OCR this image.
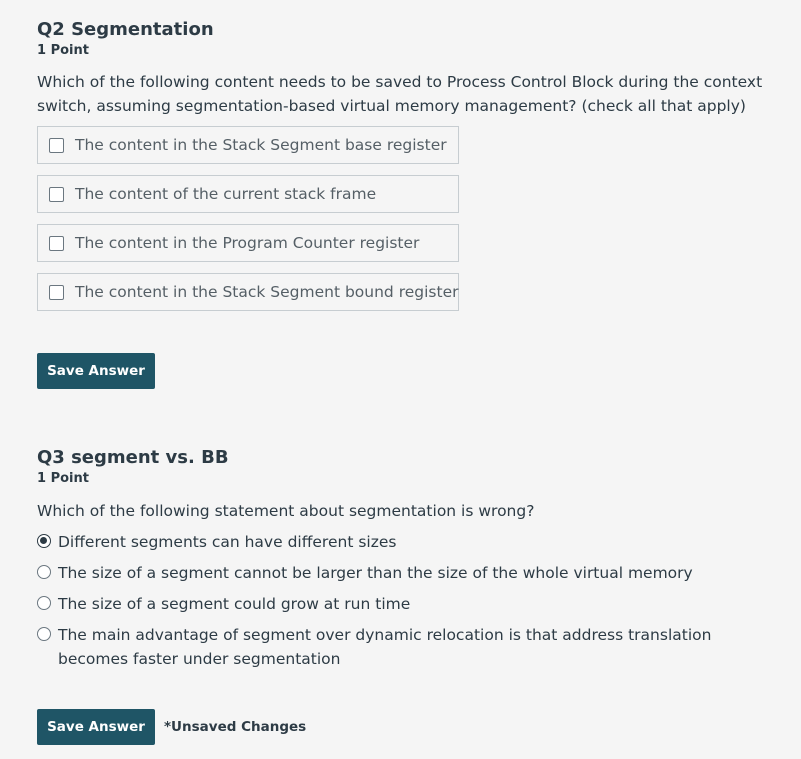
Q2 Segmentation
1 Point
Which of the following content needs to be saved to Process Control Block during the context switch, assuming segmentation-based virtual memory management? (check all that apply)
The content in the Stack Segment base register
The content of the current stack frame
The content in the Program Counter register
The content in the Stack Segment bound register
Save Answer
Q3 segment vs. BB
1 Point
Which of the following statement about segmentation is wrong?
Different segments can have different sizes
The size of a segment cannot be larger than the size of the whole virtual memory
The size of a segment could grow at run time
The main advantage of segment over dynamic relocation is that address translation becomes faster under segmentation
Save Answer	*Unsaved Changes
